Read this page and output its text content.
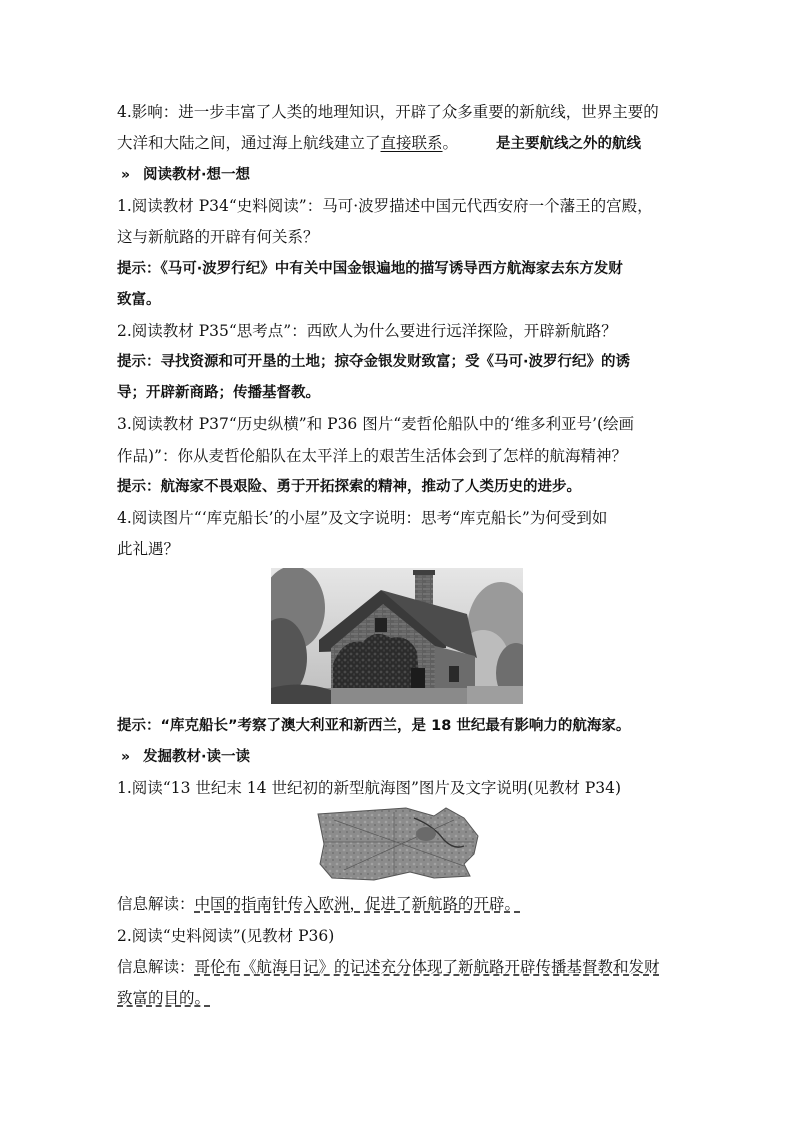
4.影响：进一步丰富了人类的地理知识，开辟了众多重要的新航线，世界主要的
大洋和大陆之间，通过海上航线建立了直接联系。	是主要航线之外的航线
» 阅读教材·想一想
1.阅读教材 P34“史料阅读”：马可·波罗描述中国元代西安府一个藩王的宫殿，
这与新航路的开辟有何关系？
提示：《马可·波罗行纪》中有关中国金银遍地的描写诱导西方航海家去东方发财
致富。
2.阅读教材 P35“思考点”：西欧人为什么要进行远洋探险，开辟新航路？
提示：寻找资源和可开垦的土地；掠夺金银发财致富；受《马可·波罗行纪》的诱
导；开辟新商路；传播基督教。
3.阅读教材 P37“历史纵横”和 P36 图片“麦哲伦船队中的‘维多利亚号’(绘画
作品)”：你从麦哲伦船队在太平洋上的艰苦生活体会到了怎样的航海精神？
提示：航海家不畏艰险、勇于开拓探索的精神，推动了人类历史的进步。
4.阅读图片“‘库克船长’的小屋”及文字说明：思考“库克船长”为何受到如
此礼遇？
提示：“库克船长”考察了澳大利亚和新西兰，是 18 世纪最有影响力的航海家。
» 发掘教材·读一读
1.阅读“13 世纪末 14 世纪初的新型航海图”图片及文字说明(见教材 P34)
信息解读：中国的指南针传入欧洲，促进了新航路的开辟。
2.阅读“史料阅读”(见教材 P36)
信息解读：哥伦布《航海日记》的记述充分体现了新航路开辟传播基督教和发财
致富的目的。
